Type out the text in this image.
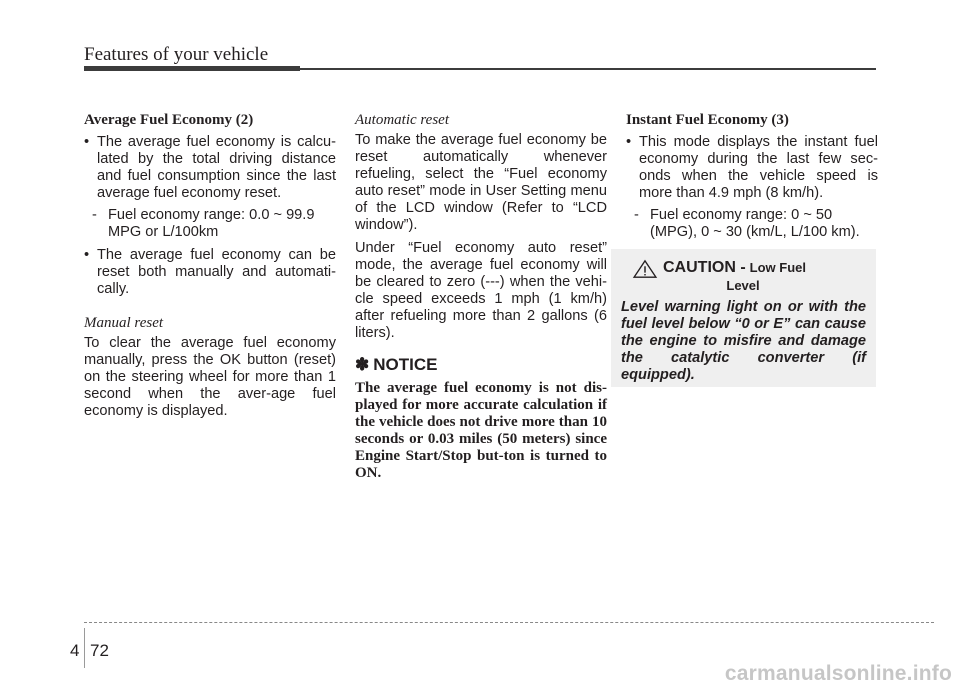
Features of your vehicle
Average Fuel Economy (2)
• The average fuel economy is calcu-lated by the total driving distance and fuel consumption since the last average fuel economy reset.
- Fuel economy range: 0.0 ~ 99.9 MPG or L/100km
• The average fuel economy can be reset both manually and automati-cally.
Manual reset

To clear the average fuel economy manually, press the OK button (reset) on the steering wheel for more than 1 second when the aver-age fuel economy is displayed.

Automatic reset

To make the average fuel economy be reset automatically whenever refueling, select the “Fuel economy auto reset” mode in User Setting menu of the LCD window (Refer to “LCD window”).

Under “Fuel economy auto reset” mode, the average fuel economy will be cleared to zero (---) when the vehi-cle speed exceeds 1 mph (1 km/h) after refueling more than 2 gallons (6 liters).

✽ NOTICE
The average fuel economy is not dis-played for more accurate calculation if the vehicle does not drive more than 10 seconds or 0.03 miles (50 meters) since Engine Start/Stop but-ton is turned to ON.
Instant Fuel Economy (3)
• This mode displays the instant fuel economy during the last few sec-onds when the vehicle speed is more than 4.9 mph (8 km/h).
- Fuel economy range: 0 ~ 50 (MPG), 0 ~ 30 (km/L, L/100 km).
CAUTION - Low Fuel
Level
Level warning light on or with the fuel level below “0 or E” can cause the engine to misfire and damage the catalytic converter (if equipped).
4 72
carmanualsonline.info
